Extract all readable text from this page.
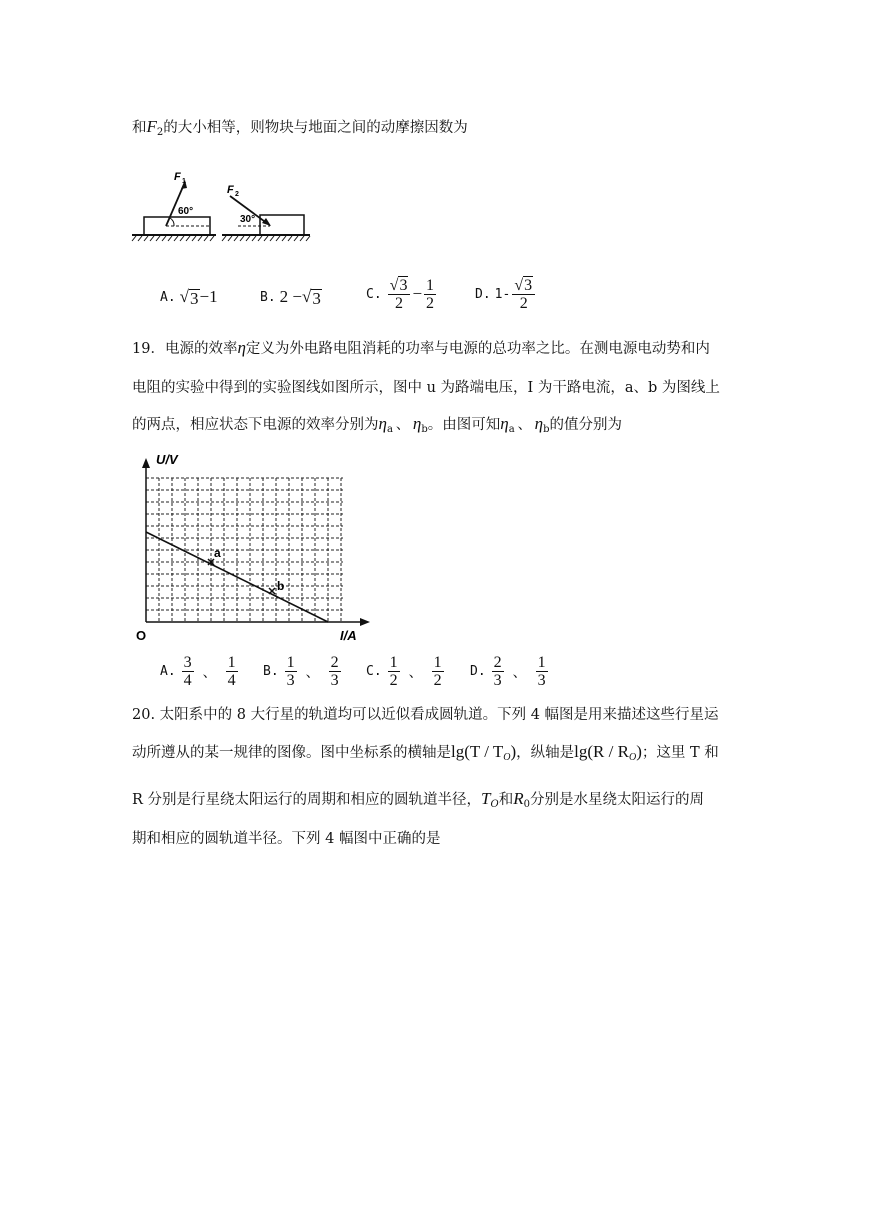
和$F_2$的大小相等，则物块与地面之间的动摩擦因数为
F 1
60°
F 2
30°
A. √ 3 −1	B. 2 − √ 3	C. $\frac{√ 3}{2} - \frac{1}{2}$	D. $1- \frac{√ 3}{2}$
19．电源的效率η定义为外电路电阻消耗的功率与电源的总功率之比。在测电源电动势和内
电阻的实验中得到的实验图线如图所示，图中 u 为路端电压，I 为干路电流，a、b 为图线上
的两点，相应状态下电源的效率分别为$\eta_a$ 、 $\eta_b$。由图可知$\eta_a$ 、 $\eta_b$的值分别为
a
b
U/V
I/A
O
A. $\frac{3}{4}$ 、 $\frac{1}{4} B$. $\frac{1}{3}$ 、 $\frac{2}{3} C$. $\frac{1}{2}$ 、 $\frac{1}{2} D$. $\frac{2}{3}$ 、 $\frac{1}{3}$
20. 太阳系中的 8 大行星的轨道均可以近似看成圆轨道。下列 4 幅图是用来描述这些行星运
动所遵从的某一规律的图像。图中坐标系的横轴是$\lg(T / T_O)$，纵轴是$\lg(R / R_O)$；这里 T 和
R 分别是行星绕太阳运行的周期和相应的圆轨道半径，$T_O$和$R_0$分别是水星绕太阳运行的周
期和相应的圆轨道半径。下列 4 幅图中正确的是
